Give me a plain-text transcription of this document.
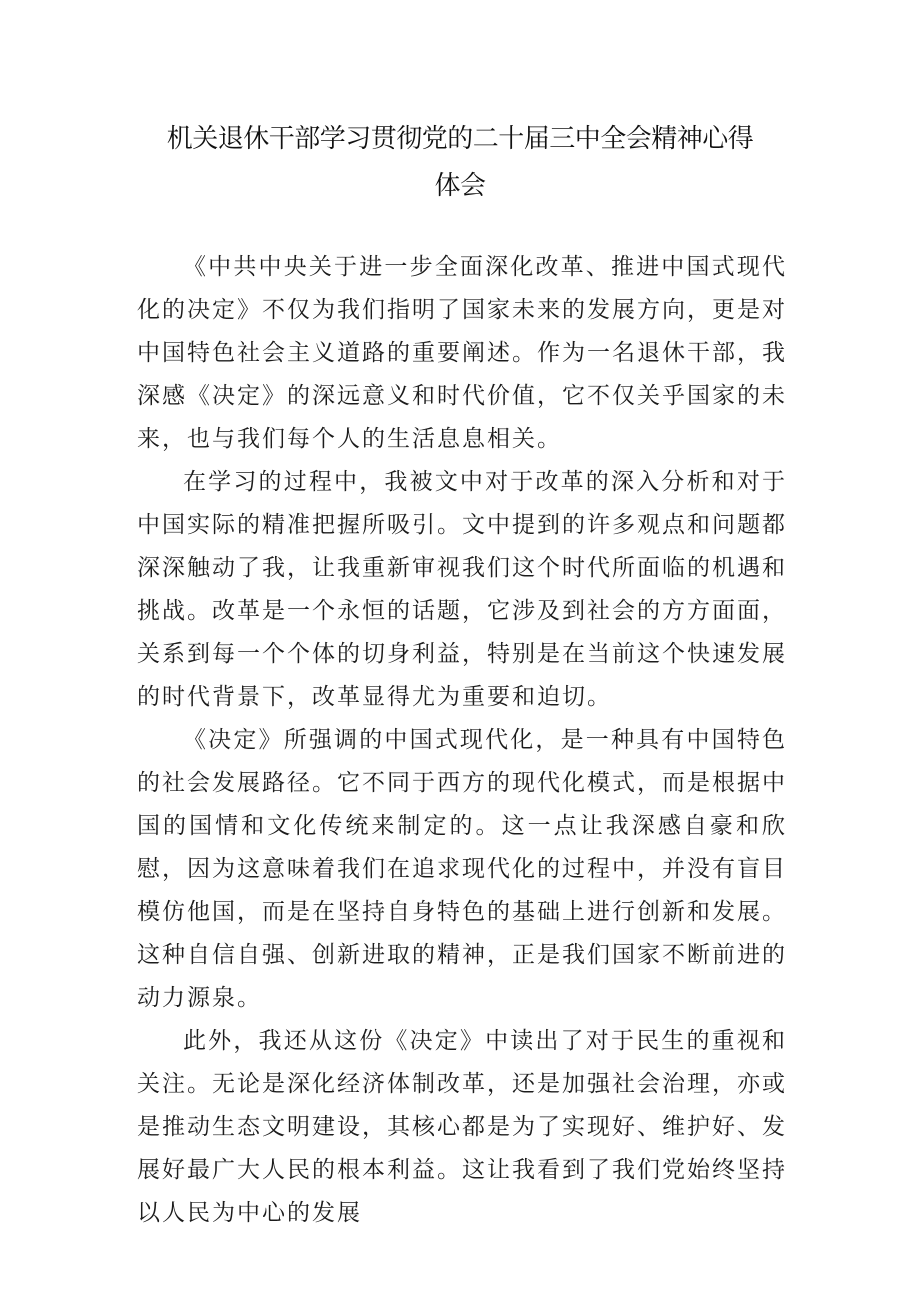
机关退休干部学习贯彻党的二十届三中全会精神心得
体会

《中共中央关于进一步全面深化改革、推进中国式现代化的决定》不仅为我们指明了国家未来的发展方向，更是对中国特色社会主义道路的重要阐述。作为一名退休干部，我深感《决定》的深远意义和时代价值，它不仅关乎国家的未来，也与我们每个人的生活息息相关。

在学习的过程中，我被文中对于改革的深入分析和对于中国实际的精准把握所吸引。文中提到的许多观点和问题都深深触动了我，让我重新审视我们这个时代所面临的机遇和挑战。改革是一个永恒的话题，它涉及到社会的方方面面，关系到每一个个体的切身利益，特别是在当前这个快速发展的时代背景下，改革显得尤为重要和迫切。

《决定》所强调的中国式现代化，是一种具有中国特色的社会发展路径。它不同于西方的现代化模式，而是根据中国的国情和文化传统来制定的。这一点让我深感自豪和欣慰，因为这意味着我们在追求现代化的过程中，并没有盲目模仿他国，而是在坚持自身特色的基础上进行创新和发展。这种自信自强、创新进取的精神，正是我们国家不断前进的动力源泉。

此外，我还从这份《决定》中读出了对于民生的重视和关注。无论是深化经济体制改革，还是加强社会治理，亦或是推动生态文明建设，其核心都是为了实现好、维护好、发展好最广大人民的根本利益。这让我看到了我们党始终坚持以人民为中心的发展
